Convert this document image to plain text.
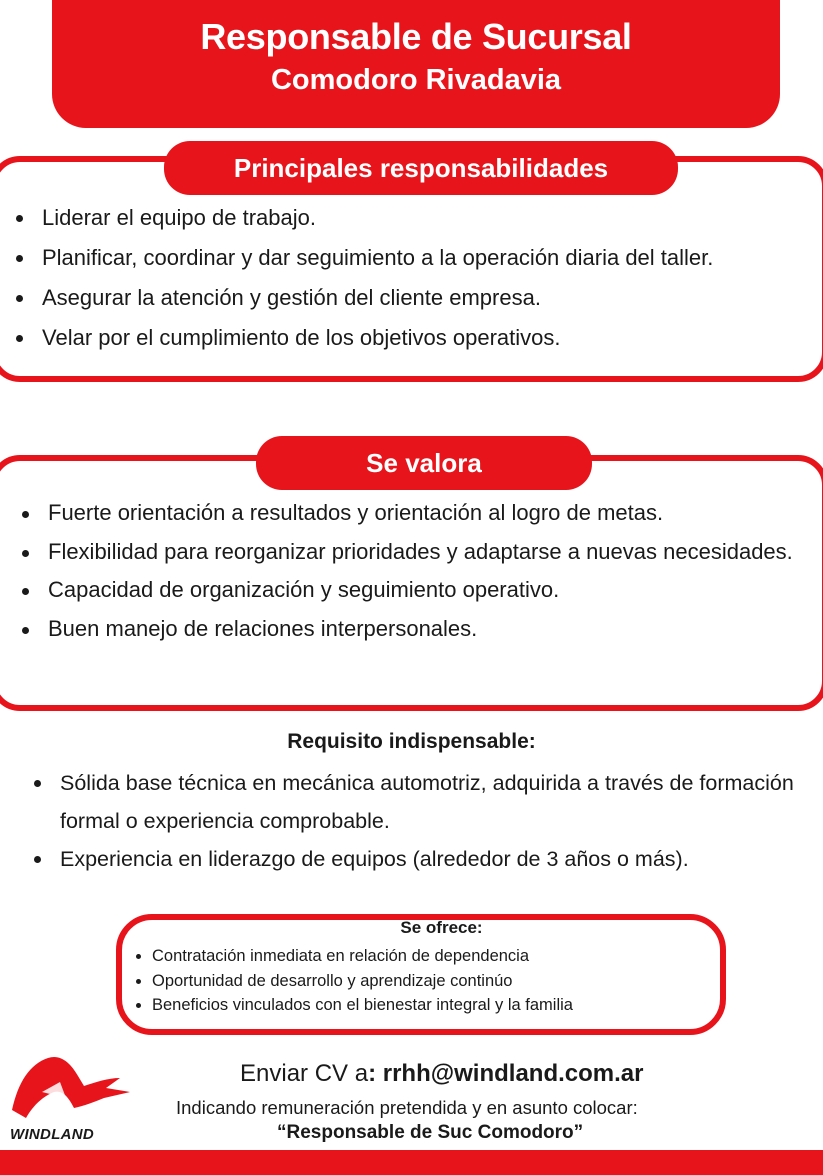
Responsable de Sucursal
Comodoro Rivadavia
Principales responsabilidades
Liderar el equipo de trabajo.
Planificar, coordinar y dar seguimiento a la operación diaria del taller.
Asegurar la atención y gestión del cliente empresa.
Velar por el cumplimiento de los objetivos operativos.
Se valora
Fuerte orientación a resultados y orientación al logro de metas.
Flexibilidad para reorganizar prioridades y adaptarse a nuevas necesidades.
Capacidad de organización y seguimiento operativo.
Buen manejo de relaciones interpersonales.
Requisito indispensable:
Sólida base técnica en mecánica automotriz, adquirida a través de formación formal o experiencia comprobable.
Experiencia en liderazgo de equipos (alrededor de 3 años o más).
Se ofrece:
Contratación inmediata en relación de dependencia
Oportunidad de desarrollo y aprendizaje continúo
Beneficios vinculados con el bienestar integral y la familia
WINDLAND
Enviar CV a: rrhh@windland.com.ar
Indicando remuneración pretendida y en asunto colocar:
“Responsable de Suc Comodoro”
